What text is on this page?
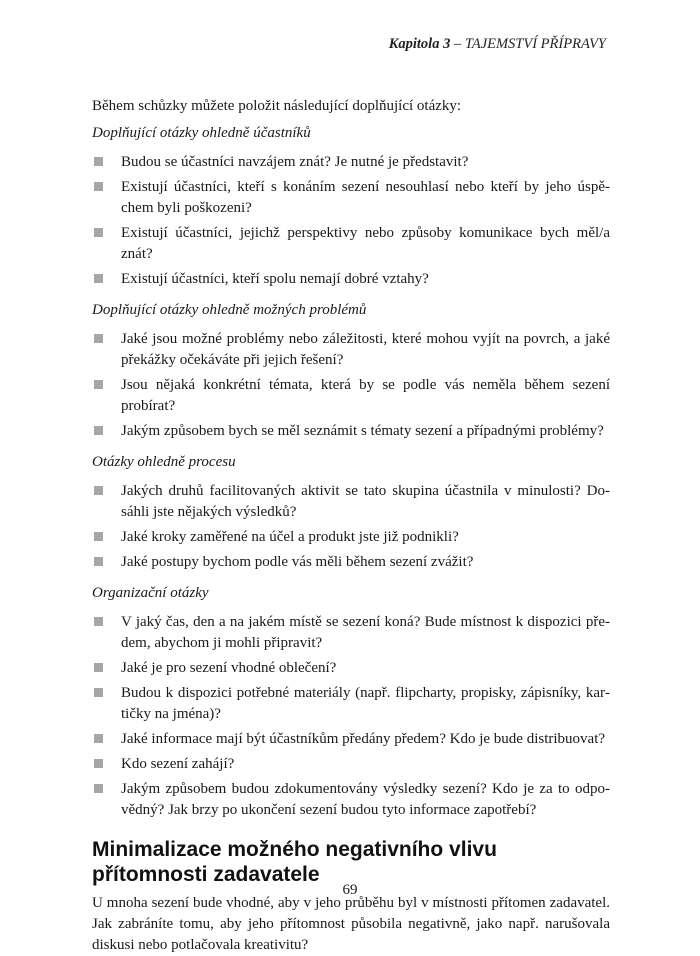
Kapitola 3 – TAJEMSTVÍ PŘÍPRAVY

Během schůzky můžete položit následující doplňující otázky:

Doplňující otázky ohledně účastníků
Budou se účastníci navzájem znát? Je nutné je představit?
Existují účastníci, kteří s konáním sezení nesouhlasí nebo kteří by jeho úspěchem byli poškozeni?
Existují účastníci, jejichž perspektivy nebo způsoby komunikace bych měl/a znát?
Existují účastníci, kteří spolu nemají dobré vztahy?
Doplňující otázky ohledně možných problémů
Jaké jsou možné problémy nebo záležitosti, které mohou vyjít na povrch, a jaké překážky očekáváte při jejich řešení?
Jsou nějaká konkrétní témata, která by se podle vás neměla během sezení probírat?
Jakým způsobem bych se měl seznámit s tématy sezení a případnými problémy?
Otázky ohledně procesu
Jakých druhů facilitovaných aktivit se tato skupina účastnila v minulosti? Dosáhli jste nějakých výsledků?
Jaké kroky zaměřené na účel a produkt jste již podnikli?
Jaké postupy bychom podle vás měli během sezení zvážit?
Organizační otázky
V jaký čas, den a na jakém místě se sezení koná? Bude místnost k dispozici předem, abychom ji mohli připravit?
Jaké je pro sezení vhodné oblečení?
Budou k dispozici potřebné materiály (např. flipcharty, propisky, zápisníky, kartičky na jména)?
Jaké informace mají být účastníkům předány předem? Kdo je bude distribuovat?
Kdo sezení zahájí?
Jakým způsobem budou zdokumentovány výsledky sezení? Kdo je za to odpovědný? Jak brzy po ukončení sezení budou tyto informace zapotřebí?
Minimalizace možného negativního vlivu přítomnosti zadavatele

U mnoha sezení bude vhodné, aby v jeho průběhu byl v místnosti přítomen zadavatel. Jak zabráníte tomu, aby jeho přítomnost působila negativně, jako např. narušovala diskusi nebo potlačovala kreativitu?

69
